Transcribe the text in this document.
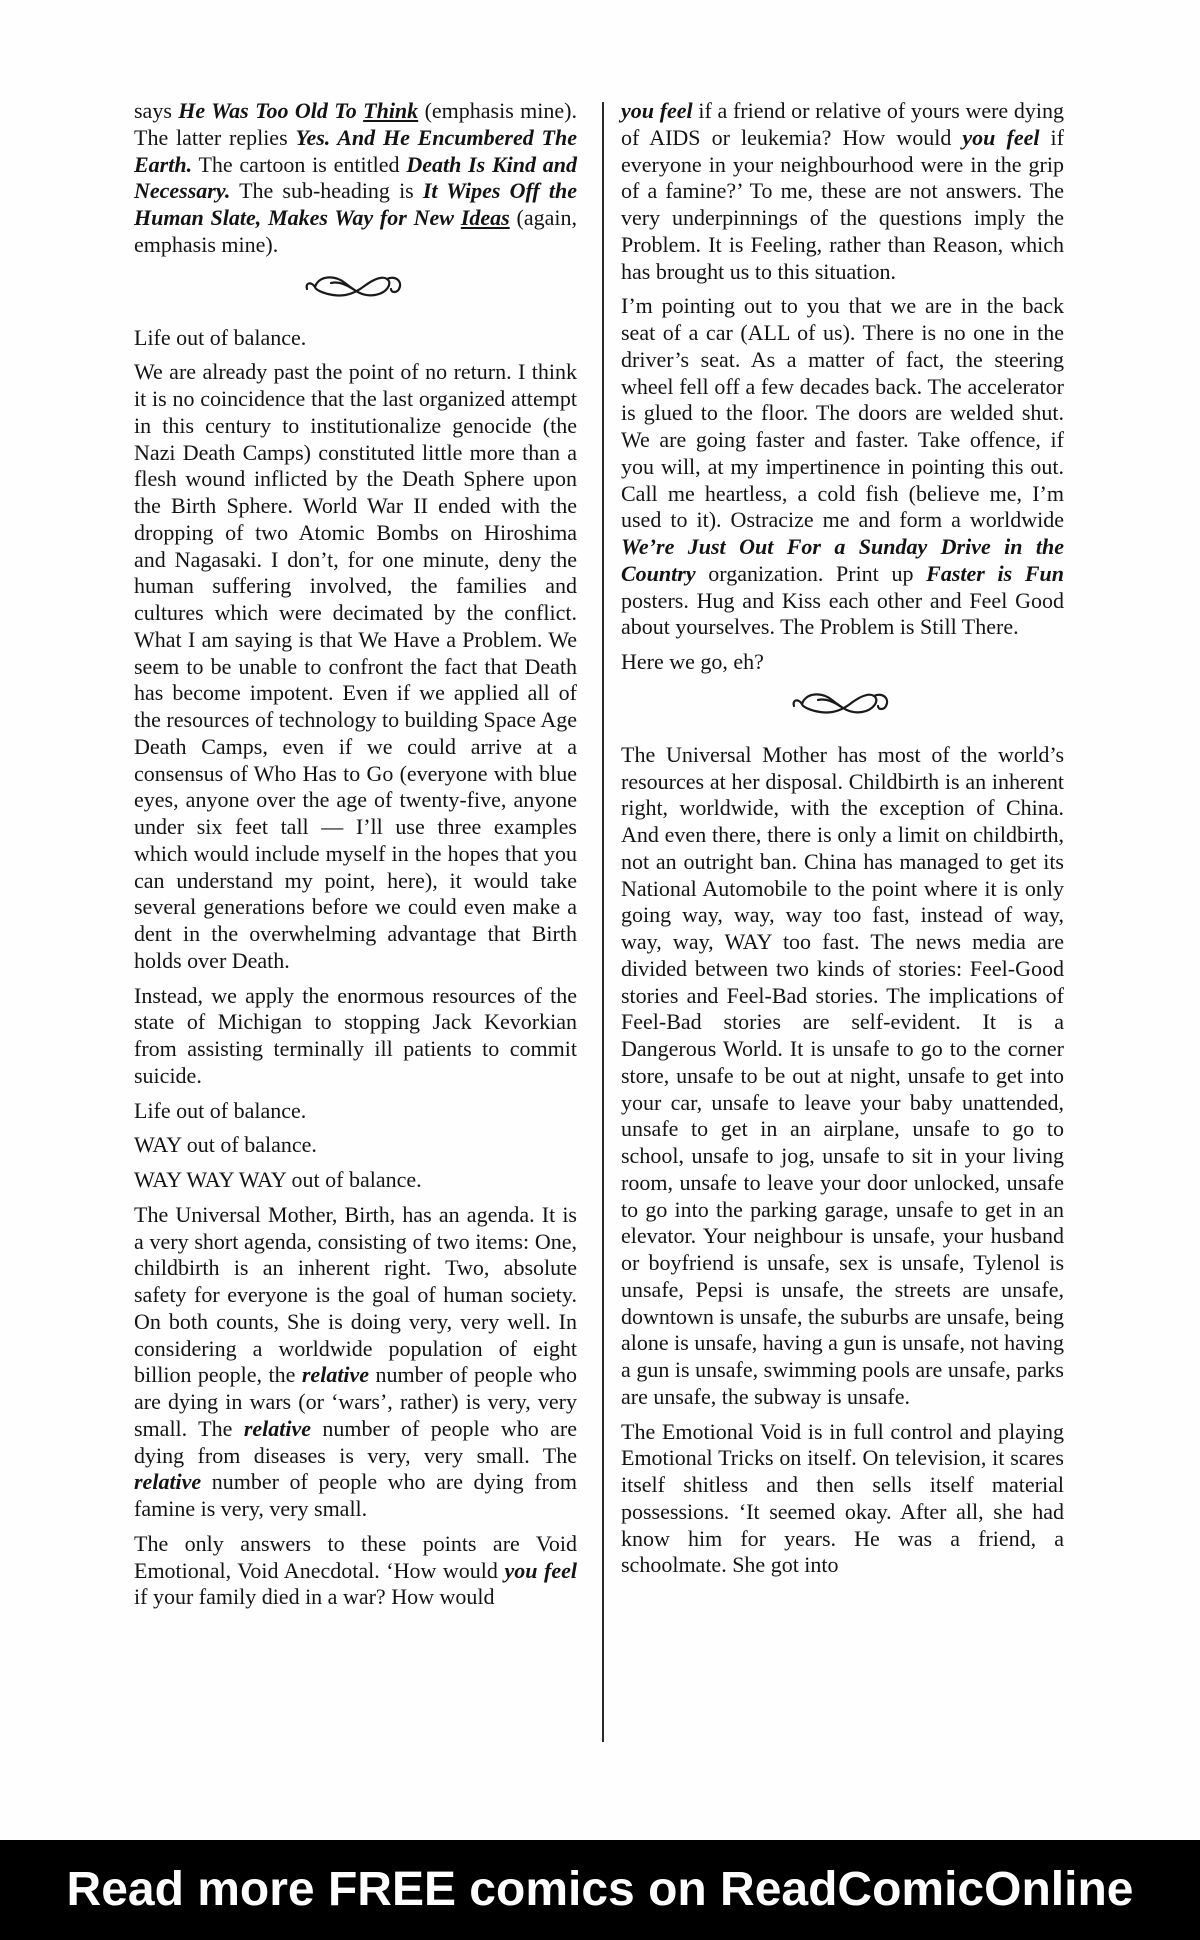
says He Was Too Old To Think (emphasis mine). The latter replies Yes. And He Encumbered The Earth. The cartoon is entitled Death Is Kind and Necessary. The sub-heading is It Wipes Off the Human Slate, Makes Way for New Ideas (again, emphasis mine).

Life out of balance.

We are already past the point of no return. I think it is no coincidence that the last organized attempt in this century to institutionalize genocide (the Nazi Death Camps) constituted little more than a flesh wound inflicted by the Death Sphere upon the Birth Sphere. World War II ended with the dropping of two Atomic Bombs on Hiroshima and Nagasaki. I don’t, for one minute, deny the human suffering involved, the families and cultures which were decimated by the conflict. What I am saying is that We Have a Problem. We seem to be unable to confront the fact that Death has become impotent. Even if we applied all of the resources of technology to building Space Age Death Camps, even if we could arrive at a consensus of Who Has to Go (everyone with blue eyes, anyone over the age of twenty-five, anyone under six feet tall — I’ll use three examples which would include myself in the hopes that you can understand my point, here), it would take several generations before we could even make a dent in the overwhelming advantage that Birth holds over Death.

Instead, we apply the enormous resources of the state of Michigan to stopping Jack Kevorkian from assisting terminally ill patients to commit suicide.

Life out of balance.

WAY out of balance.

WAY WAY WAY out of balance.

The Universal Mother, Birth, has an agenda. It is a very short agenda, consisting of two items: One, childbirth is an inherent right. Two, absolute safety for everyone is the goal of human society. On both counts, She is doing very, very well. In considering a worldwide population of eight billion people, the relative number of people who are dying in wars (or ‘wars’, rather) is very, very small. The relative number of people who are dying from diseases is very, very small. The relative number of people who are dying from famine is very, very small.

The only answers to these points are Void Emotional, Void Anecdotal. ‘How would you feel if your family died in a war? How would

you feel if a friend or relative of yours were dying of AIDS or leukemia? How would you feel if everyone in your neighbourhood were in the grip of a famine?’ To me, these are not answers. The very underpinnings of the questions imply the Problem. It is Feeling, rather than Reason, which has brought us to this situation.

I’m pointing out to you that we are in the back seat of a car (ALL of us). There is no one in the driver’s seat. As a matter of fact, the steering wheel fell off a few decades back. The accelerator is glued to the floor. The doors are welded shut. We are going faster and faster. Take offence, if you will, at my impertinence in pointing this out. Call me heartless, a cold fish (believe me, I’m used to it). Ostracize me and form a worldwide We’re Just Out For a Sunday Drive in the Country organization. Print up Faster is Fun posters. Hug and Kiss each other and Feel Good about yourselves. The Problem is Still There.

Here we go, eh?

The Universal Mother has most of the world’s resources at her disposal. Childbirth is an inherent right, worldwide, with the exception of China. And even there, there is only a limit on childbirth, not an outright ban. China has managed to get its National Automobile to the point where it is only going way, way, way too fast, instead of way, way, way, WAY too fast. The news media are divided between two kinds of stories: Feel-Good stories and Feel-Bad stories. The implications of Feel-Bad stories are self-evident. It is a Dangerous World. It is unsafe to go to the corner store, unsafe to be out at night, unsafe to get into your car, unsafe to leave your baby unattended, unsafe to get in an airplane, unsafe to go to school, unsafe to jog, unsafe to sit in your living room, unsafe to leave your door unlocked, unsafe to go into the parking garage, unsafe to get in an elevator. Your neighbour is unsafe, your husband or boyfriend is unsafe, sex is unsafe, Tylenol is unsafe, Pepsi is unsafe, the streets are unsafe, downtown is unsafe, the suburbs are unsafe, being alone is unsafe, having a gun is unsafe, not having a gun is unsafe, swimming pools are unsafe, parks are unsafe, the subway is unsafe.

The Emotional Void is in full control and playing Emotional Tricks on itself. On television, it scares itself shitless and then sells itself material possessions. ‘It seemed okay. After all, she had know him for years. He was a friend, a schoolmate. She got into

Read more FREE comics on ReadComicOnline
